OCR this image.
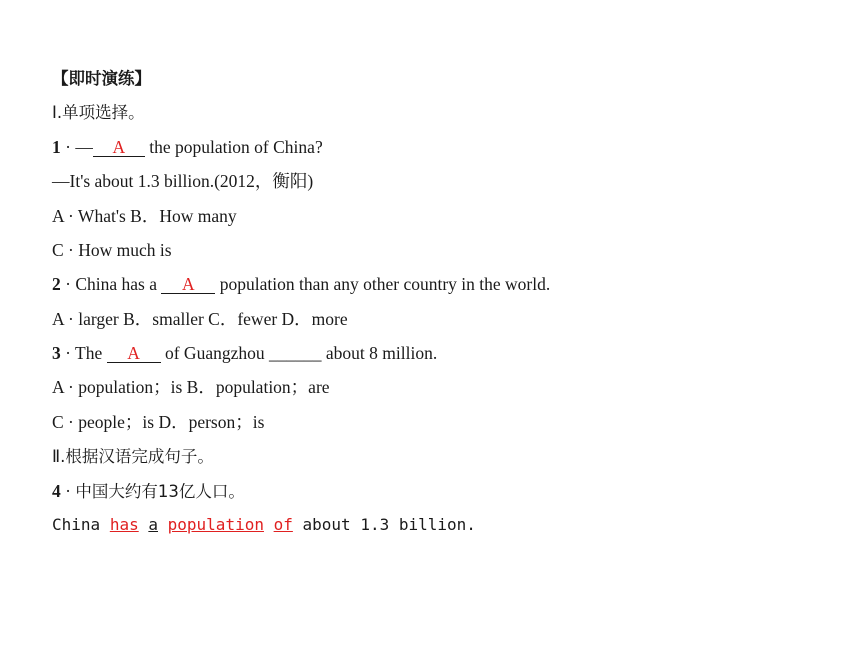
【即时演练】
Ⅰ.单项选择。
1 · — A the population of China?
—It's about 1.3 billion.(2012，衡阳)
A · What's B．How many
C · How much is
2 · China has a A population than any other country in the world.
A · larger B．smaller C．fewer D．more
3 · The A of Guangzhou ______ about 8 million.
A · population；is B．population；are
C · people；is D．person；is
Ⅱ.根据汉语完成句子。
4 · 中国大约有13亿人口。
China has a population of about 1.3 billion.
